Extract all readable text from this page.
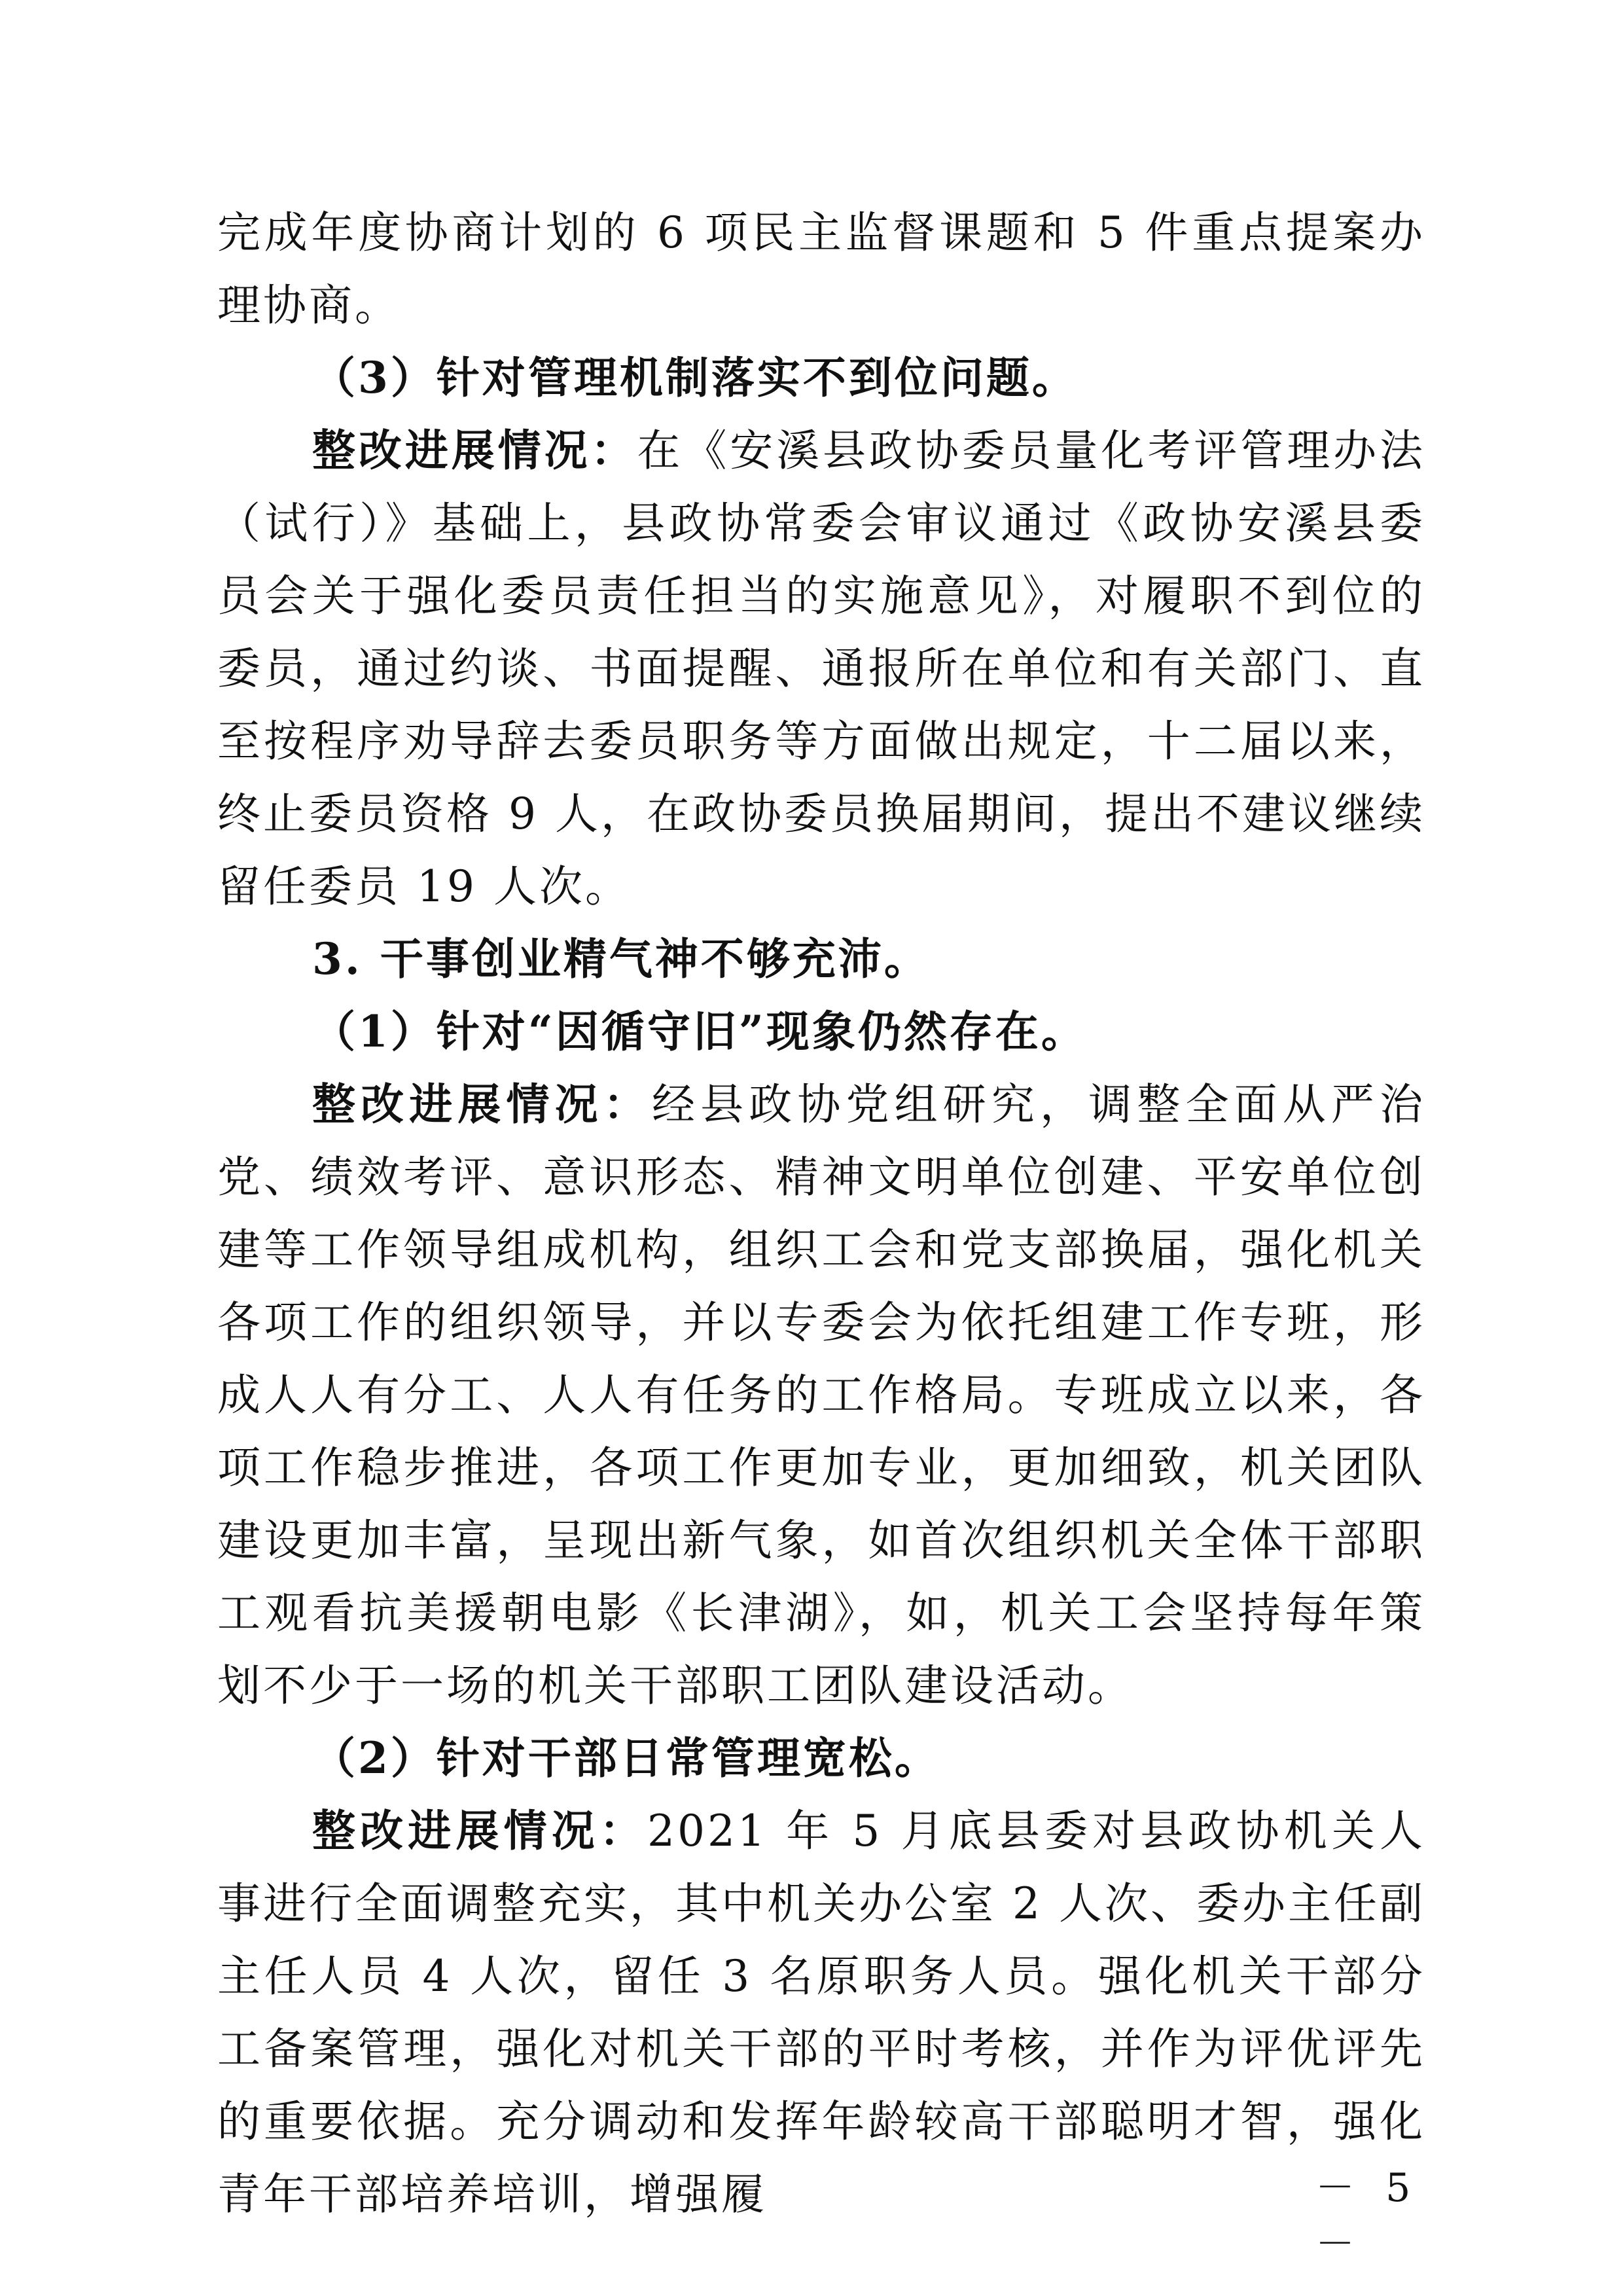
完成年度协商计划的 6 项民主监督课题和 5 件重点提案办理协商。

（3）针对管理机制落实不到位问题。

整改进展情况：在《安溪县政协委员量化考评管理办法（试行）》基础上，县政协常委会审议通过《政协安溪县委员会关于强化委员责任担当的实施意见》，对履职不到位的委员，通过约谈、书面提醒、通报所在单位和有关部门、直至按程序劝导辞去委员职务等方面做出规定，十二届以来，终止委员资格 9 人，在政协委员换届期间，提出不建议继续留任委员 19 人次。

3. 干事创业精气神不够充沛。

（1）针对“因循守旧”现象仍然存在。

整改进展情况：经县政协党组研究，调整全面从严治党、绩效考评、意识形态、精神文明单位创建、平安单位创建等工作领导组成机构，组织工会和党支部换届，强化机关各项工作的组织领导，并以专委会为依托组建工作专班，形成人人有分工、人人有任务的工作格局。专班成立以来，各项工作稳步推进，各项工作更加专业，更加细致，机关团队建设更加丰富，呈现出新气象，如首次组织机关全体干部职工观看抗美援朝电影《长津湖》，如，机关工会坚持每年策划不少于一场的机关干部职工团队建设活动。

（2）针对干部日常管理宽松。

整改进展情况：2021 年 5 月底县委对县政协机关人事进行全面调整充实，其中机关办公室 2 人次、委办主任副主任人员 4 人次，留任 3 名原职务人员。强化机关干部分工备案管理，强化对机关干部的平时考核，并作为评优评先的重要依据。充分调动和发挥年龄较高干部聪明才智，强化青年干部培养培训，增强履	－ 5 －
